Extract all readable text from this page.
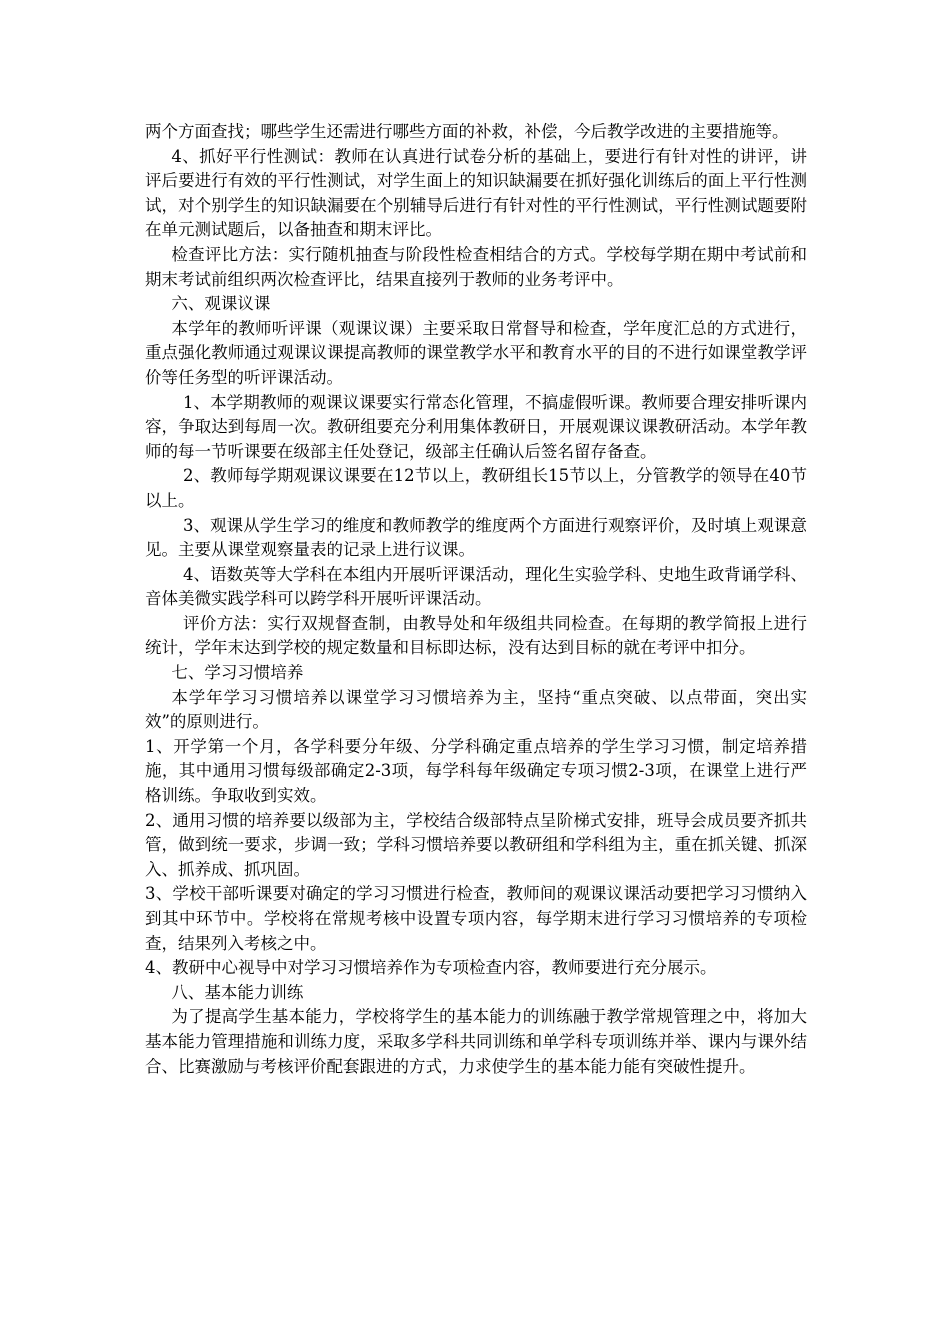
两个方面查找；哪些学生还需进行哪些方面的补救，补偿，今后教学改进的主要措施等。

4、抓好平行性测试：教师在认真进行试卷分析的基础上，要进行有针对性的讲评，讲评后要进行有效的平行性测试，对学生面上的知识缺漏要在抓好强化训练后的面上平行性测试，对个别学生的知识缺漏要在个别辅导后进行有针对性的平行性测试，平行性测试题要附在单元测试题后，以备抽查和期末评比。

检查评比方法：实行随机抽查与阶段性检查相结合的方式。学校每学期在期中考试前和期末考试前组织两次检查评比，结果直接列于教师的业务考评中。

六、观课议课

本学年的教师听评课（观课议课）主要采取日常督导和检查，学年度汇总的方式进行，重点强化教师通过观课议课提高教师的课堂教学水平和教育水平的目的不进行如课堂教学评价等任务型的听评课活动。

1、本学期教师的观课议课要实行常态化管理，不搞虚假听课。教师要合理安排听课内容，争取达到每周一次。教研组要充分利用集体教研日，开展观课议课教研活动。本学年教师的每一节听课要在级部主任处登记，级部主任确认后签名留存备查。

2、教师每学期观课议课要在12节以上，教研组长15节以上，分管教学的领导在40节以上。

3、观课从学生学习的维度和教师教学的维度两个方面进行观察评价，及时填上观课意见。主要从课堂观察量表的记录上进行议课。

4、语数英等大学科在本组内开展听评课活动，理化生实验学科、史地生政背诵学科、音体美微实践学科可以跨学科开展听评课活动。

评价方法：实行双规督查制，由教导处和年级组共同检查。在每期的教学简报上进行统计，学年末达到学校的规定数量和目标即达标，没有达到目标的就在考评中扣分。

七、学习习惯培养

本学年学习习惯培养以课堂学习习惯培养为主，坚持“重点突破、以点带面，突出实效”的原则进行。

1、开学第一个月，各学科要分年级、分学科确定重点培养的学生学习习惯，制定培养措施，其中通用习惯每级部确定2-3项，每学科每年级确定专项习惯2-3项，在课堂上进行严格训练。争取收到实效。

2、通用习惯的培养要以级部为主，学校结合级部特点呈阶梯式安排，班导会成员要齐抓共管，做到统一要求，步调一致；学科习惯培养要以教研组和学科组为主，重在抓关键、抓深入、抓养成、抓巩固。

3、学校干部听课要对确定的学习习惯进行检查，教师间的观课议课活动要把学习习惯纳入到其中环节中。学校将在常规考核中设置专项内容，每学期末进行学习习惯培养的专项检查，结果列入考核之中。

4、教研中心视导中对学习习惯培养作为专项检查内容，教师要进行充分展示。

八、基本能力训练

为了提高学生基本能力，学校将学生的基本能力的训练融于教学常规管理之中，将加大基本能力管理措施和训练力度，采取多学科共同训练和单学科专项训练并举、课内与课外结合、比赛激励与考核评价配套跟进的方式，力求使学生的基本能力能有突破性提升。
